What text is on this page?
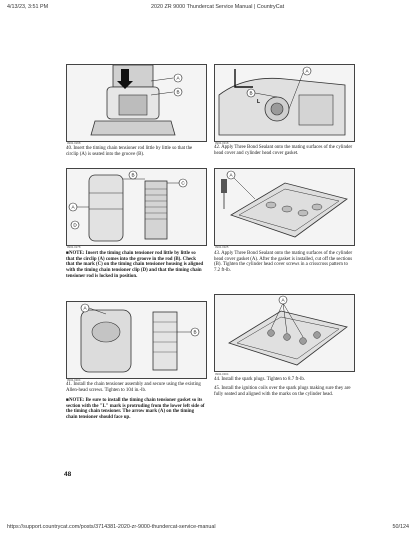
4/13/23, 3:51 PM	2020 ZR 9000 Thundercat Service Manual | CountryCat
A
B
0902-0268
40. Insert the timing chain tensioner rod little by little so that the circlip (A) is seated into the groove (B).
A
B
C
D
0902-0278
■NOTE: Insert the timing chain tensioner rod little by little so that the circlip (A) comes into the groove in the rod (B). Check that the mark (C) on the timing chain tensioner housing is aligned with the timing chain tensioner clip (D) and that the timing chain tensioner rod is locked in position.
A
B
0902-0304
41. Install the chain tensioner assembly and secure using the existing Allen-head screws. Tighten to 104 in.-lb.
■NOTE: Be sure to install the timing chain tensioner gasket so its section with the "L" mark is protruding from the lower left side of the timing chain tensioner. The arrow mark (A) on the timing chain tensioner should face up.
48
A
B
L
0902-0318
42. Apply Three Bond Sealant onto the mating surfaces of the cylinder head cover and cylinder head cover gasket.
A
0902-0325
43. Apply Three Bond Sealant onto the mating surfaces of the cylinder head cover gasket (A). After the gasket is installed, cut off the sections (B). Tighten the cylinder head cover screws in a crisscross pattern to 7.2 ft-lb.
A
0902-0304
44. Install the spark plugs. Tighten to 8.7 ft-lb.
45. Install the ignition coils over the spark plugs making sure they are fully seated and aligned with the marks on the cylinder head.
https://support.countrycat.com/posts/3714381-2020-zr-9000-thundercat-service-manual	50/124
